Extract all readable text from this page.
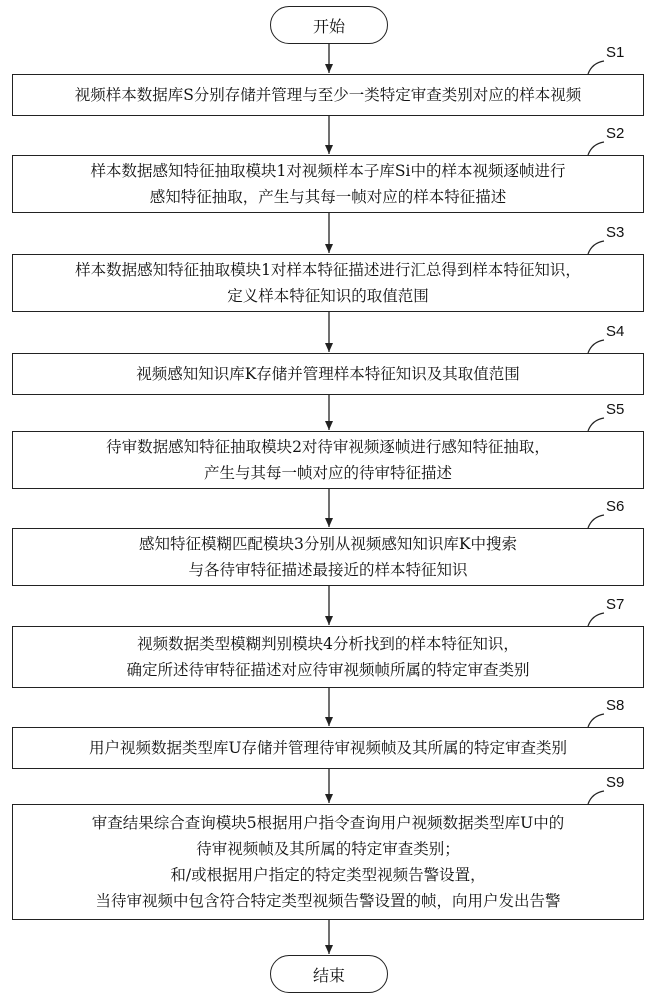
开始
结束
视频样本数据库S分别存储并管理与至少一类特定审查类别对应的样本视频
S1
样本数据感知特征抽取模块1对视频样本子库Si中的样本视频逐帧进行
感知特征抽取，产生与其每一帧对应的样本特征描述
S2
样本数据感知特征抽取模块1对样本特征描述进行汇总得到样本特征知识，
定义样本特征知识的取值范围
S3
视频感知知识库K存储并管理样本特征知识及其取值范围
S4
待审数据感知特征抽取模块2对待审视频逐帧进行感知特征抽取，
产生与其每一帧对应的待审特征描述
S5
感知特征模糊匹配模块3分别从视频感知知识库K中搜索
与各待审特征描述最接近的样本特征知识
S6
视频数据类型模糊判别模块4分析找到的样本特征知识，
确定所述待审特征描述对应待审视频帧所属的特定审查类别
S7
用户视频数据类型库U存储并管理待审视频帧及其所属的特定审查类别
S8
审查结果综合查询模块5根据用户指令查询用户视频数据类型库U中的
待审视频帧及其所属的特定审查类别；
和/或根据用户指定的特定类型视频告警设置，
当待审视频中包含符合特定类型视频告警设置的帧，向用户发出告警
S9
